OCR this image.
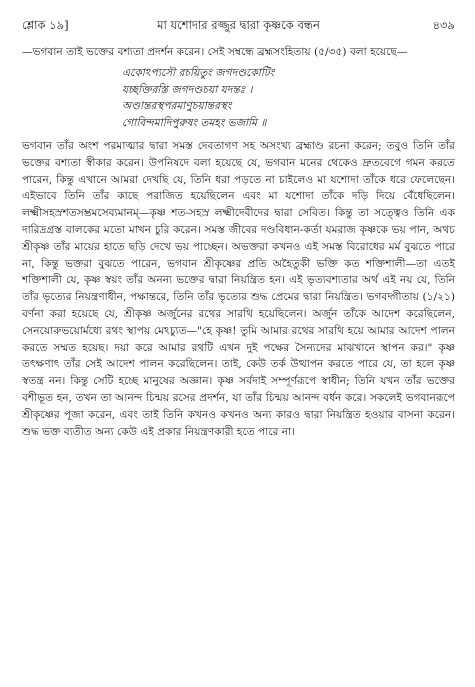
শ্লোক ১৯]	মা যশোদার রজ্জুর দ্বারা কৃষ্ণকে বন্ধন	৪৩৯

—ভগবান তাই ভক্তের বশ্যতা প্রদর্শন করেন। সেই সম্বন্ধে ব্রহ্মসংহিতায় (৫/৩৫) বলা হয়েছে—

একোঽপ্যসৌ রচয়িতুং জগদণ্ডকোটিং
যচ্ছক্তিরস্তি জগদণ্ডচয়া যদন্তঃ ।
অণ্ডান্তরস্থপরমাণুচয়ান্তরস্থং
গোবিন্দমাদিপুরুষং তমহং ভজামি ॥

ভগবান তাঁর অংশ পরমাত্মার দ্বারা সমস্ত দেবতাগণ সহ অসংখ্য ব্রহ্মাণ্ড রচনা করেন; তবুও তিনি তাঁর ভক্তের বশ্যতা স্বীকার করেন। উপনিষদে বলা হয়েছে যে, ভগবান মনের থেকেও দ্রুতবেগে গমন করতে পারেন, কিন্তু এখানে আমরা দেখছি যে, তিনি ধরা পড়তে না চাইলেও মা যশোদা তাঁকে ধরে ফেলেছেন। এইভাবে তিনি তাঁর কাছে পরাজিত হয়েছিলেন এবং মা যশোদা তাঁকে দড়ি দিয়ে বেঁধেছিলেন। লক্ষ্মীসহস্রশতসম্ভ্রমসেব্যমানম্—কৃষ্ণ শত-সহস্র লক্ষ্মীদেবীদের দ্বারা সেবিত। কিন্তু তা সত্ত্বেও তিনি এক দারিদ্রগ্রস্ত বালকের মতো মাখন চুরি করেন। সমস্ত জীবের দণ্ডবিধান-কর্তা যমরাজ কৃষ্ণকে ভয় পান, অথচ শ্রীকৃষ্ণ তাঁর মায়ের হাতে ছড়ি দেখে ভয় পাচ্ছেন। অভক্তরা কখনও এই সমস্ত বিরোধের মর্ম বুঝতে পারে না, কিন্তু ভক্তরা বুঝতে পারেন, ভগবান শ্রীকৃষ্ণের প্রতি অহৈতুকী ভক্তি কত শক্তিশালী—তা এতই শক্তিশালী যে, কৃষ্ণ স্বয়ং তাঁর অনন্য ভক্তের দ্বারা নিয়ন্ত্রিত হন। এই ভৃত্যবশ্যতার অর্থ এই নয় যে, তিনি তাঁর ভৃত্যের নিয়ন্ত্রণাধীন, পক্ষান্তরে, তিনি তাঁর ভৃত্যের শুদ্ধ প্রেমের দ্বারা নিয়ন্ত্রিত। ভগবদ্গীতায় (১/২১) বর্ণনা করা হয়েছে যে, শ্রীকৃষ্ণ অর্জুনের রথের সারথি হয়েছিলেন। অর্জুন তাঁকে আদেশ করেছিলেন, সেনয়োরুভয়োর্মধ্যে রথং স্থাপয় মেঽচ্যুত—"হে কৃষ্ণ! তুমি আমার রথের সারথি হয়ে আমার আদেশ পালন করতে সম্মত হয়েছ। দয়া করে আমার রথটি এখন দুই পক্ষের সৈন্যদের মাঝখানে স্থাপন কর।" কৃষ্ণ তৎক্ষণাৎ তাঁর সেই আদেশ পালন করেছিলেন। তাই, কেউ তর্ক উত্থাপন করতে পারে যে, তা হলে কৃষ্ণ স্বতন্ত্র নন। কিন্তু সেটি হচ্ছে মানুষের অজ্ঞান। কৃষ্ণ সর্বদাই সম্পূর্ণরূপে স্বাধীন; তিনি যখন তাঁর ভক্তের বশীভূত হন, তখন তা আনন্দ চিন্ময় রসের প্রদর্শন, যা তাঁর চিন্ময় আনন্দ বর্ধন করে। সকলেই ভগবানরূপে শ্রীকৃষ্ণের পূজা করেন, এবং তাই তিনি কখনও কখনও অন্য কারও দ্বারা নিয়ন্ত্রিত হওয়ার বাসনা করেন। শুদ্ধ ভক্ত ব্যতীত অন্য কেউ এই প্রকার নিয়ন্ত্রণকারী হতে পারে না।
